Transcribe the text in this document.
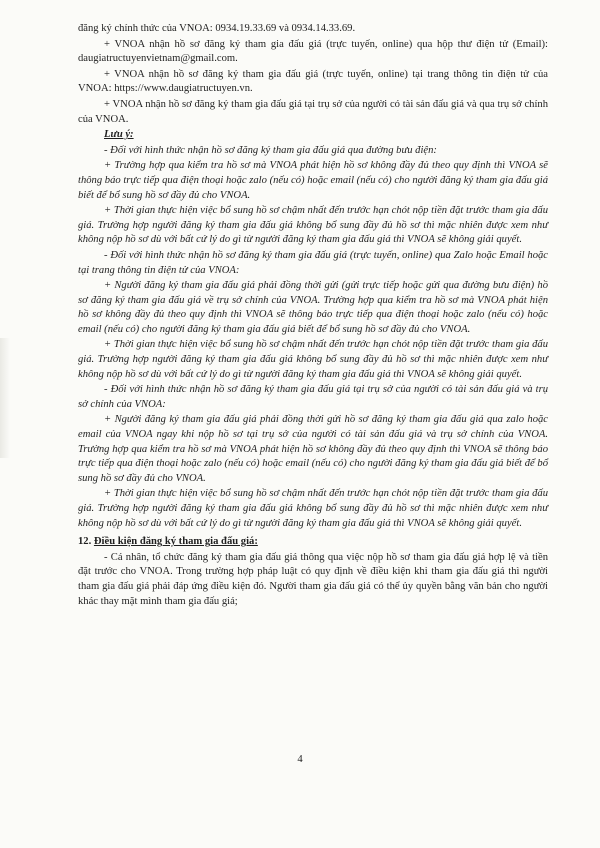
đăng ký chính thức của VNOA: 0934.19.33.69 và 0934.14.33.69.

+ VNOA nhận hồ sơ đăng ký tham gia đấu giá (trực tuyến, online) qua hộp thư điện tử (Email): daugiatructuyenvietnam@gmail.com.

+ VNOA nhận hồ sơ đăng ký tham gia đấu giá (trực tuyến, online) tại trang thông tin điện tử của VNOA: https://www.daugiatructuyen.vn.

+ VNOA nhận hồ sơ đăng ký tham gia đấu giá tại trụ sở của người có tài sản đấu giá và qua trụ sở chính của VNOA.

Lưu ý:

- Đối với hình thức nhận hồ sơ đăng ký tham gia đấu giá qua đường bưu điện:

+ Trường hợp qua kiểm tra hồ sơ mà VNOA phát hiện hồ sơ không đầy đủ theo quy định thì VNOA sẽ thông báo trực tiếp qua điện thoại hoặc zalo (nếu có) hoặc email (nếu có) cho người đăng ký tham gia đấu giá biết để bổ sung hồ sơ đầy đủ cho VNOA.

+ Thời gian thực hiện việc bổ sung hồ sơ chậm nhất đến trước hạn chót nộp tiền đặt trước tham gia đấu giá. Trường hợp người đăng ký tham gia đấu giá không bổ sung đầy đủ hồ sơ thì mặc nhiên được xem như không nộp hồ sơ dù với bất cứ lý do gì từ người đăng ký tham gia đấu giá thì VNOA sẽ không giải quyết.

- Đối với hình thức nhận hồ sơ đăng ký tham gia đấu giá (trực tuyến, online) qua Zalo hoặc Email hoặc tại trang thông tin điện tử của VNOA:

+ Người đăng ký tham gia đấu giá phải đồng thời gửi (gửi trực tiếp hoặc gửi qua đường bưu điện) hồ sơ đăng ký tham gia đấu giá về trụ sở chính của VNOA. Trường hợp qua kiểm tra hồ sơ mà VNOA phát hiện hồ sơ không đầy đủ theo quy định thì VNOA sẽ thông báo trực tiếp qua điện thoại hoặc zalo (nếu có) hoặc email (nếu có) cho người đăng ký tham gia đấu giá biết để bổ sung hồ sơ đầy đủ cho VNOA.

+ Thời gian thực hiện việc bổ sung hồ sơ chậm nhất đến trước hạn chót nộp tiền đặt trước tham gia đấu giá. Trường hợp người đăng ký tham gia đấu giá không bổ sung đầy đủ hồ sơ thì mặc nhiên được xem như không nộp hồ sơ dù với bất cứ lý do gì từ người đăng ký tham gia đấu giá thì VNOA sẽ không giải quyết.

- Đối với hình thức nhận hồ sơ đăng ký tham gia đấu giá tại trụ sở của người có tài sản đấu giá và trụ sở chính của VNOA:

+ Người đăng ký tham gia đấu giá phải đồng thời gửi hồ sơ đăng ký tham gia đấu giá qua zalo hoặc email của VNOA ngay khi nộp hồ sơ tại trụ sở của người có tài sản đấu giá và trụ sở chính của VNOA. Trường hợp qua kiểm tra hồ sơ mà VNOA phát hiện hồ sơ không đầy đủ theo quy định thì VNOA sẽ thông báo trực tiếp qua điện thoại hoặc zalo (nếu có) hoặc email (nếu có) cho người đăng ký tham gia đấu giá biết để bổ sung hồ sơ đầy đủ cho VNOA.

+ Thời gian thực hiện việc bổ sung hồ sơ chậm nhất đến trước hạn chót nộp tiền đặt trước tham gia đấu giá. Trường hợp người đăng ký tham gia đấu giá không bổ sung đầy đủ hồ sơ thì mặc nhiên được xem như không nộp hồ sơ dù với bất cứ lý do gì từ người đăng ký tham gia đấu giá thì VNOA sẽ không giải quyết.

12. Điều kiện đăng ký tham gia đấu giá:

- Cá nhân, tổ chức đăng ký tham gia đấu giá thông qua việc nộp hồ sơ tham gia đấu giá hợp lệ và tiền đặt trước cho VNOA. Trong trường hợp pháp luật có quy định về điều kiện khi tham gia đấu giá thì người tham gia đấu giá phải đáp ứng điều kiện đó. Người tham gia đấu giá có thể ủy quyền bằng văn bản cho người khác thay mặt mình tham gia đấu giá;

4
